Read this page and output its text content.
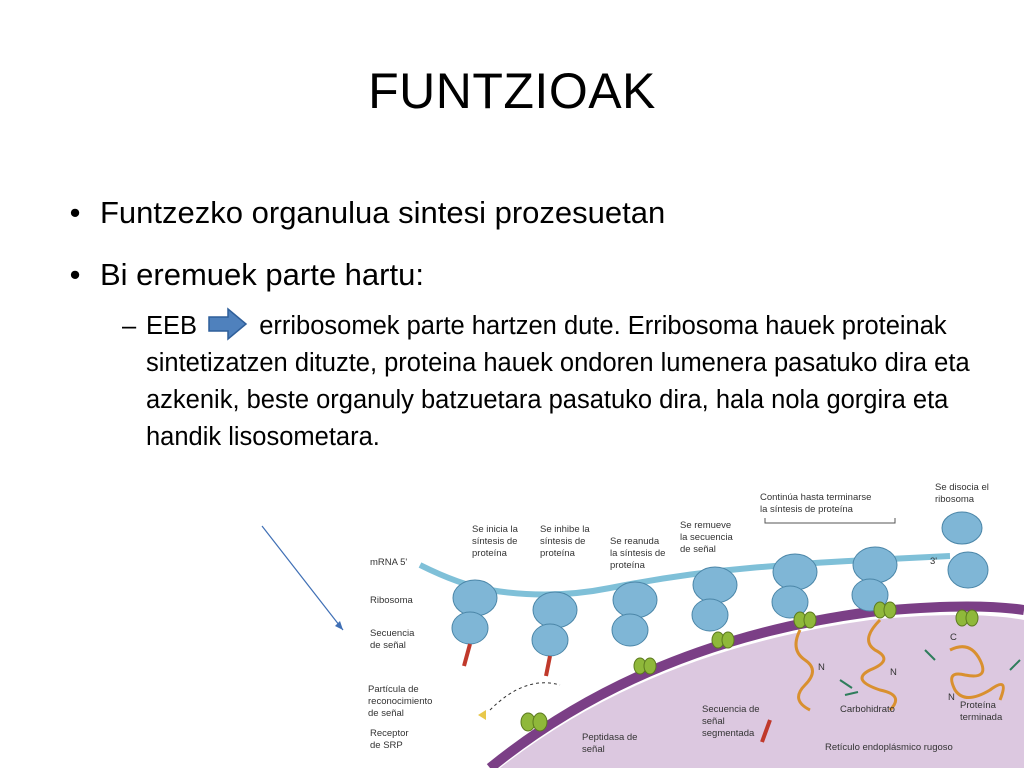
FUNTZIOAK
• Funtzezko organulua sintesi prozesuetan
• Bi eremuek parte hartu:
– EEB erribosomek parte hartzen dute. Erribosoma hauek proteinak sintetizatzen dituzte, proteina hauek ondoren lumenera pasatuko dira eta azkenik, beste organuly batzuetara pasatuko dira, hala nola gorgira eta handik lisosometara.
mRNA 5'
Ribosoma
Secuencia
de señal
Partícula de
reconocimiento
de señal
Receptor
de SRP
Se inicia la
síntesis de
proteína
Se inhibe la
síntesis de
proteína
Se reanuda
la síntesis de
proteína
Se remueve
la secuencia
de señal
Continúa hasta terminarse
la síntesis de proteína
Se disocia el
ribosoma
3'
Peptidasa de
señal
Secuencia de
señal
segmentada
Carbohidrato	Proteína
terminada
Retículo endoplásmico rugoso
N	N
N
C
